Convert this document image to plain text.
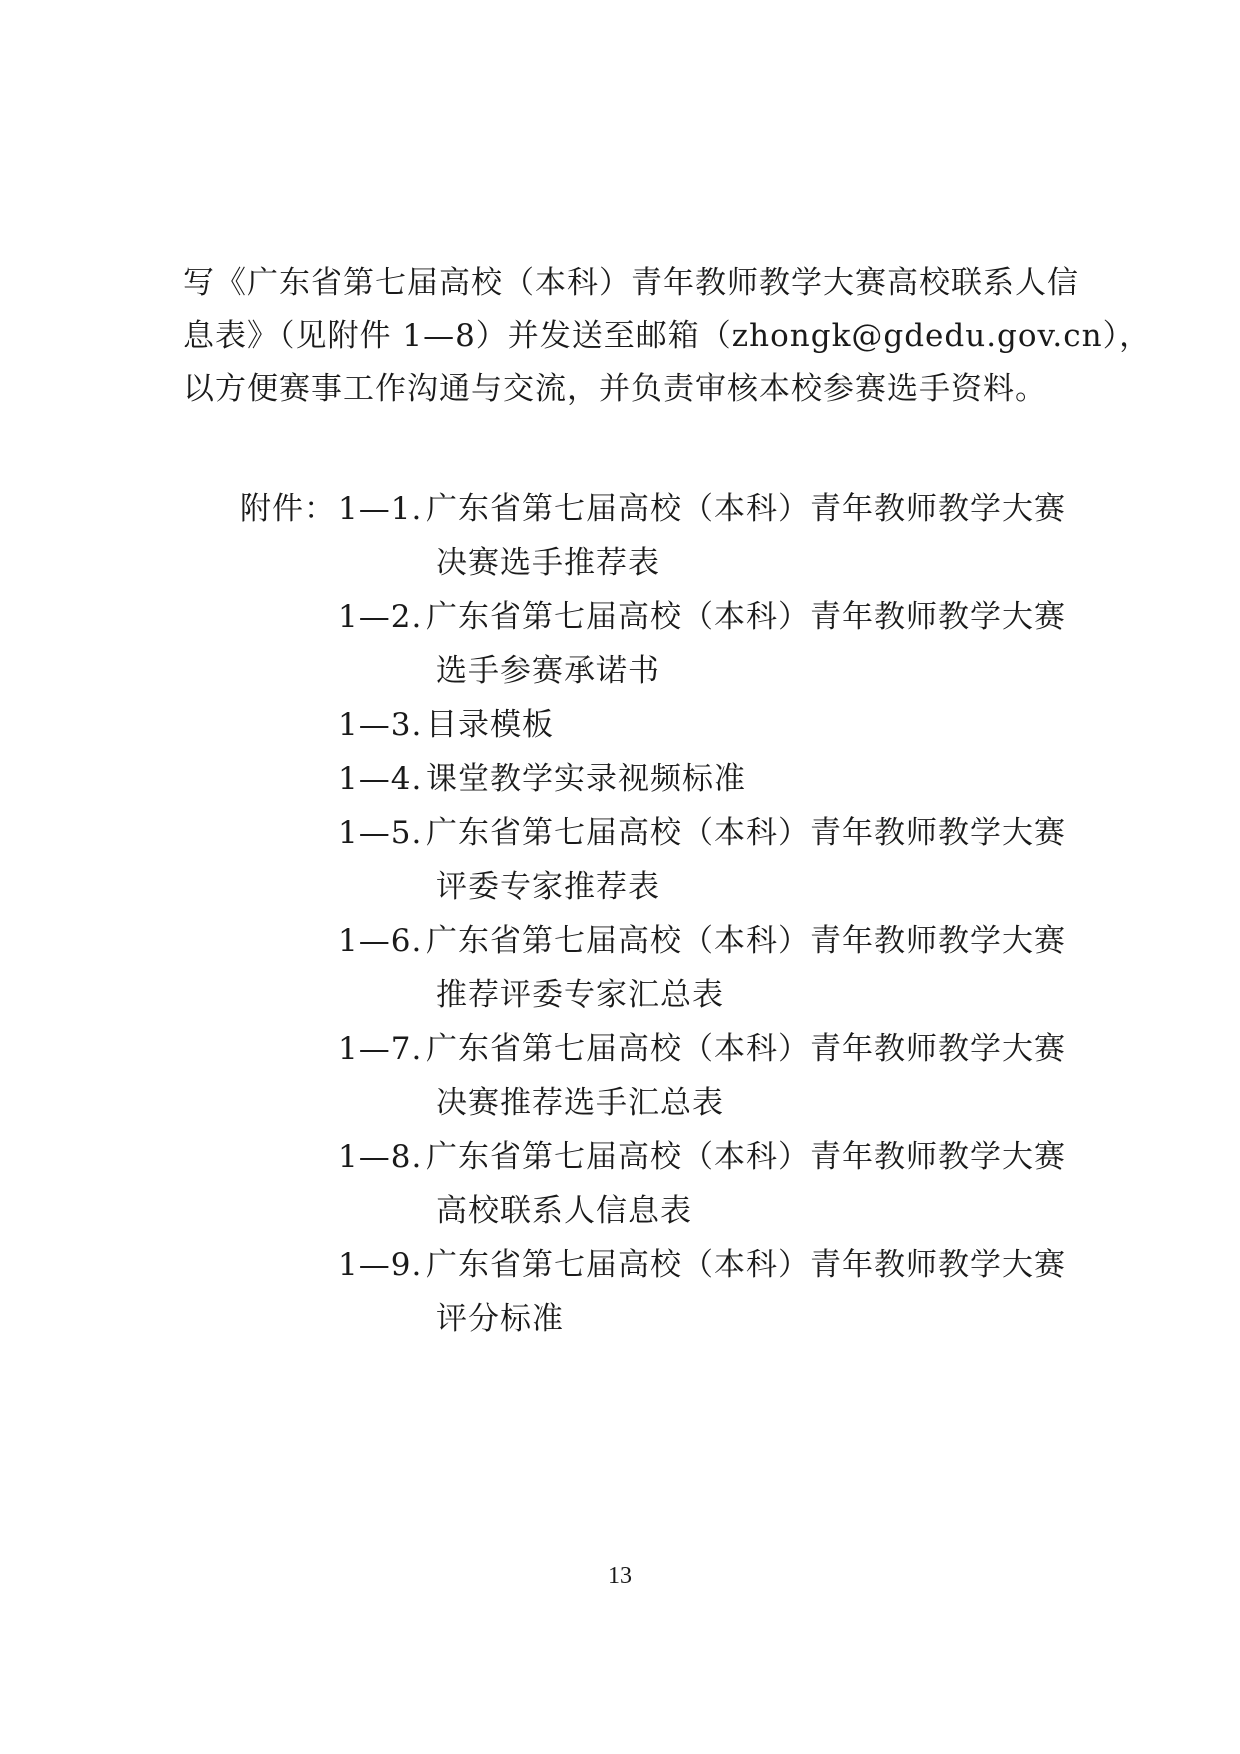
写《广东省第七届高校（本科）青年教师教学大赛高校联系人信
息表》（见附件 1—8）并发送至邮箱（zhongk@gdedu.gov.cn），
以方便赛事工作沟通与交流，并负责审核本校参赛选手资料。
附件： 1—1. 广东省第七届高校（本科）青年教师教学大赛
决赛选手推荐表
1—2. 广东省第七届高校（本科）青年教师教学大赛
选手参赛承诺书
1—3. 目录模板
1—4. 课堂教学实录视频标准
1—5. 广东省第七届高校（本科）青年教师教学大赛
评委专家推荐表
1—6. 广东省第七届高校（本科）青年教师教学大赛
推荐评委专家汇总表
1—7. 广东省第七届高校（本科）青年教师教学大赛
决赛推荐选手汇总表
1—8. 广东省第七届高校（本科）青年教师教学大赛
高校联系人信息表
1—9. 广东省第七届高校（本科）青年教师教学大赛
评分标准
13
